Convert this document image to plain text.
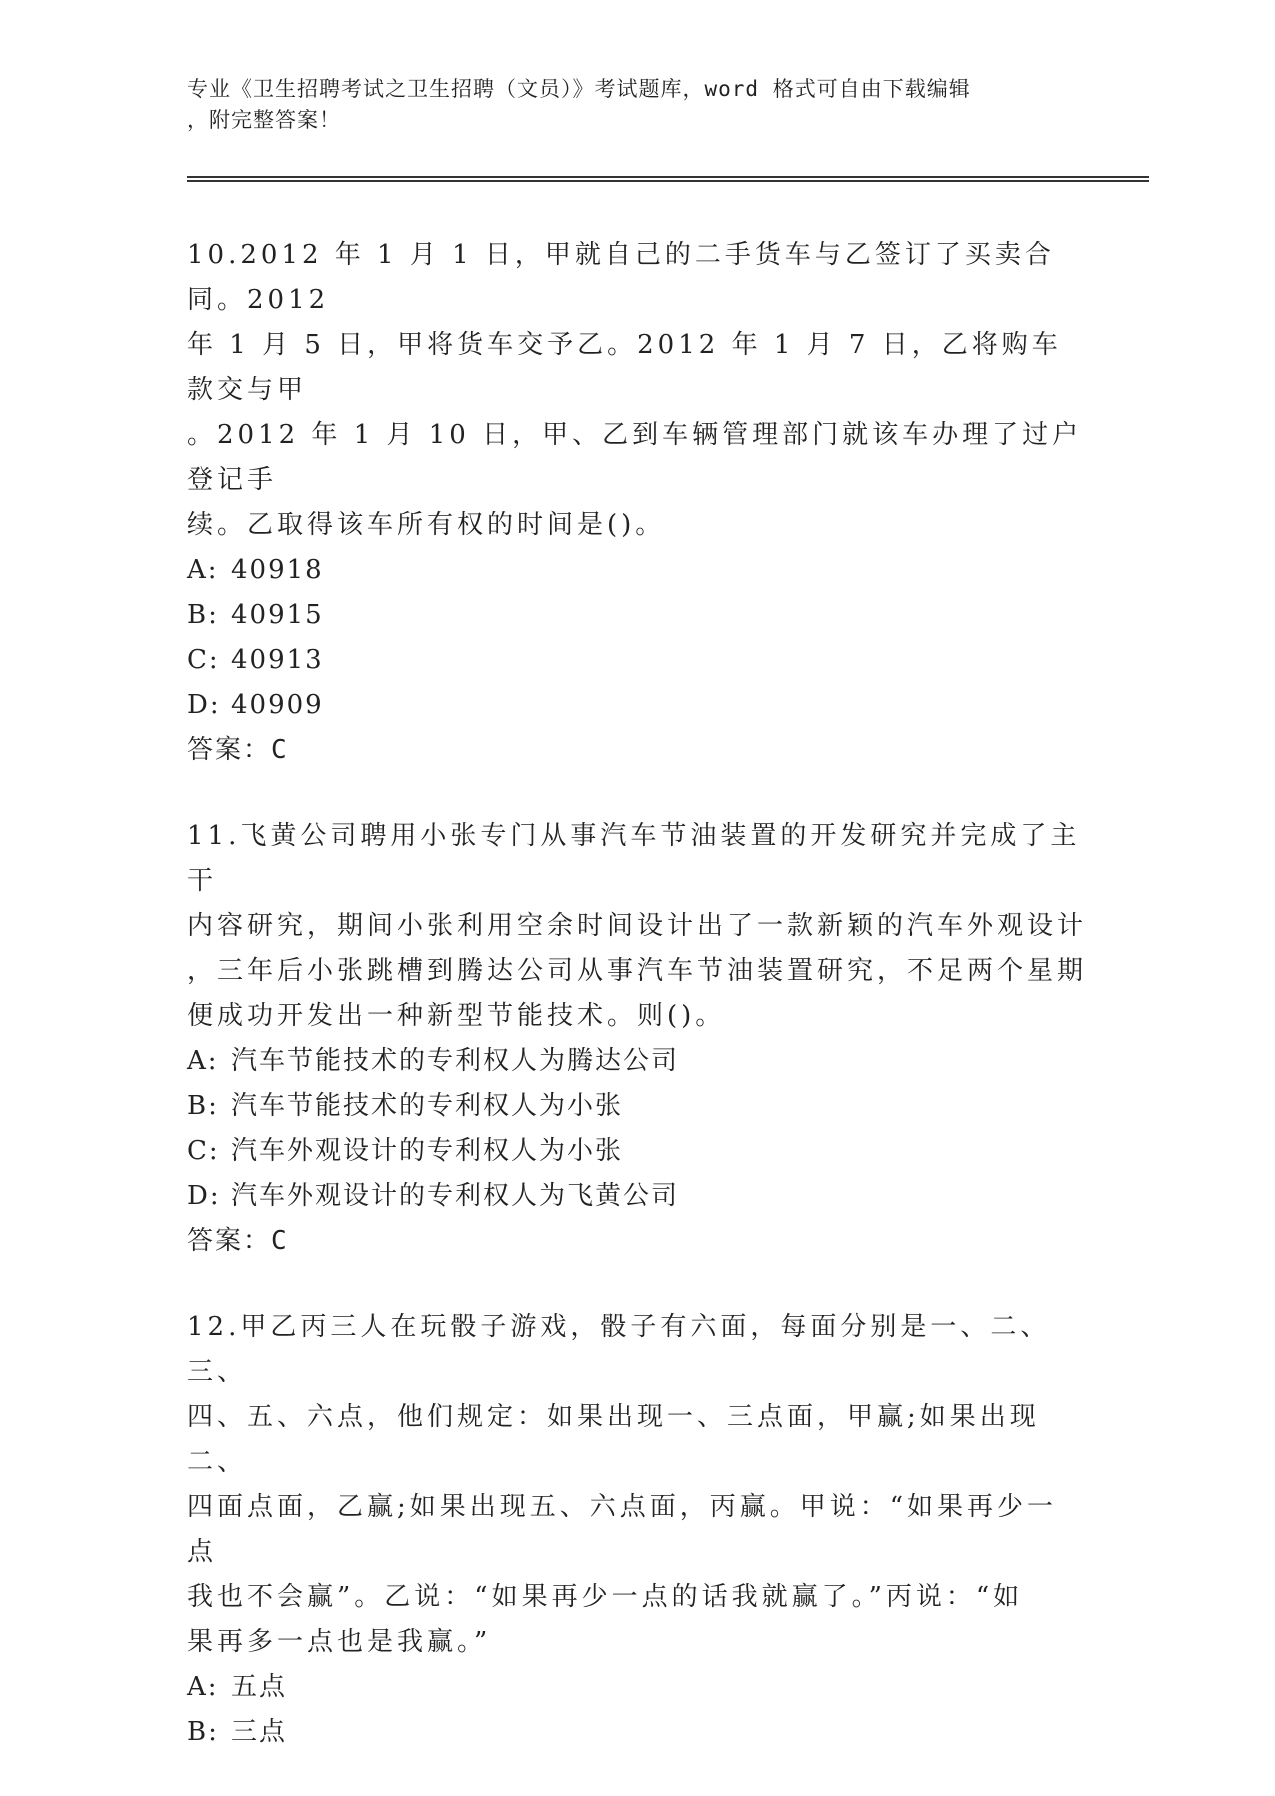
专业《卫生招聘考试之卫生招聘（文员）》考试题库，word 格式可自由下载编辑
，附完整答案！
10.2012 年 1 月 1 日，甲就自己的二手货车与乙签订了买卖合同。2012
年 1 月 5 日，甲将货车交予乙。2012 年 1 月 7 日，乙将购车款交与甲
。2012 年 1 月 10 日，甲、乙到车辆管理部门就该车办理了过户登记手
续。乙取得该车所有权的时间是()。
A: 40918
B: 40915
C: 40913
D: 40909
答案：C
11.飞黄公司聘用小张专门从事汽车节油装置的开发研究并完成了主干
内容研究，期间小张利用空余时间设计出了一款新颖的汽车外观设计
，三年后小张跳槽到腾达公司从事汽车节油装置研究，不足两个星期
便成功开发出一种新型节能技术。则()。
A: 汽车节能技术的专利权人为腾达公司
B: 汽车节能技术的专利权人为小张
C: 汽车外观设计的专利权人为小张
D: 汽车外观设计的专利权人为飞黄公司
答案：C
12.甲乙丙三人在玩骰子游戏，骰子有六面，每面分别是一、二、三、
四、五、六点，他们规定：如果出现一、三点面，甲赢;如果出现二、
四面点面，乙赢;如果出现五、六点面，丙赢。甲说：“如果再少一点
我也不会赢”。乙说：“如果再少一点的话我就赢了。”丙说：“如
果再多一点也是我赢。”
A: 五点
B: 三点
